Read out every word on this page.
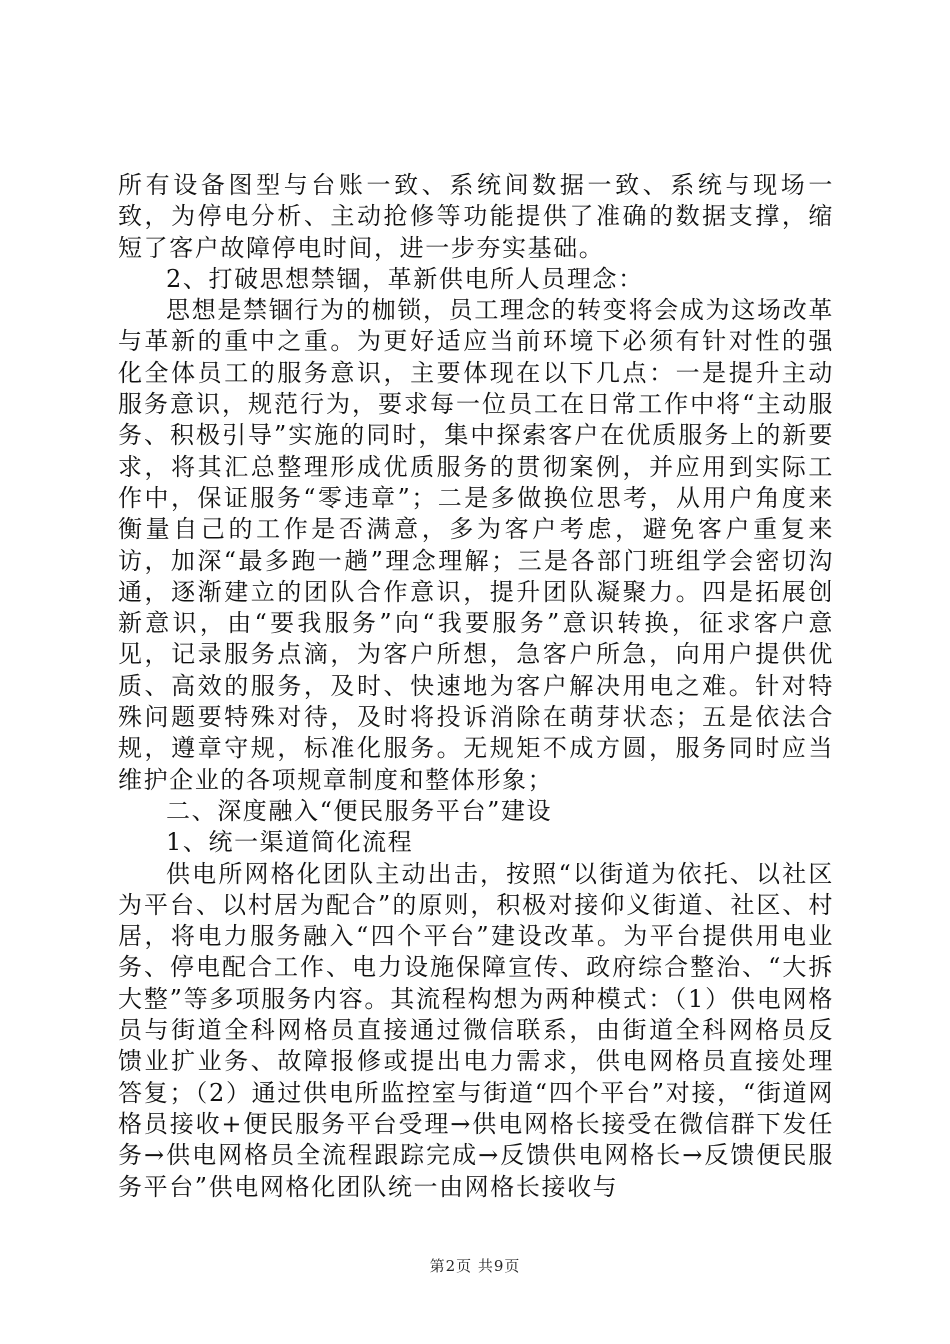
所有设备图型与台账一致、系统间数据一致、系统与现场一致，为停电分析、主动抢修等功能提供了准确的数据支撑，缩短了客户故障停电时间，进一步夯实基础。

2、打破思想禁锢，革新供电所人员理念：

思想是禁锢行为的枷锁，员工理念的转变将会成为这场改革与革新的重中之重。为更好适应当前环境下必须有针对性的强化全体员工的服务意识，主要体现在以下几点：一是提升主动服务意识，规范行为，要求每一位员工在日常工作中将“主动服务、积极引导”实施的同时，集中探索客户在优质服务上的新要求，将其汇总整理形成优质服务的贯彻案例，并应用到实际工作中，保证服务“零违章”；二是多做换位思考，从用户角度来衡量自己的工作是否满意，多为客户考虑，避免客户重复来访，加深“最多跑一趟”理念理解；三是各部门班组学会密切沟通，逐渐建立的团队合作意识，提升团队凝聚力。四是拓展创新意识，由“要我服务”向“我要服务”意识转换，征求客户意见，记录服务点滴，为客户所想，急客户所急，向用户提供优质、高效的服务，及时、快速地为客户解决用电之难。针对特殊问题要特殊对待，及时将投诉消除在萌芽状态；五是依法合规，遵章守规，标准化服务。无规矩不成方圆，服务同时应当维护企业的各项规章制度和整体形象；

二、深度融入“便民服务平台”建设

1、统一渠道简化流程

供电所网格化团队主动出击，按照“以街道为依托、以社区为平台、以村居为配合”的原则，积极对接仰义街道、社区、村居，将电力服务融入“四个平台”建设改革。为平台提供用电业务、停电配合工作、电力设施保障宣传、政府综合整治、“大拆大整”等多项服务内容。其流程构想为两种模式：（1）供电网格员与街道全科网格员直接通过微信联系，由街道全科网格员反馈业扩业务、故障报修或提出电力需求，供电网格员直接处理答复；（2）通过供电所监控室与街道“四个平台”对接，“街道网格员接收+便民服务平台受理→供电网格长接受在微信群下发任务→供电网格员全流程跟踪完成→反馈供电网格长→反馈便民服务平台”供电网格化团队统一由网格长接收与

第2页 共9页
